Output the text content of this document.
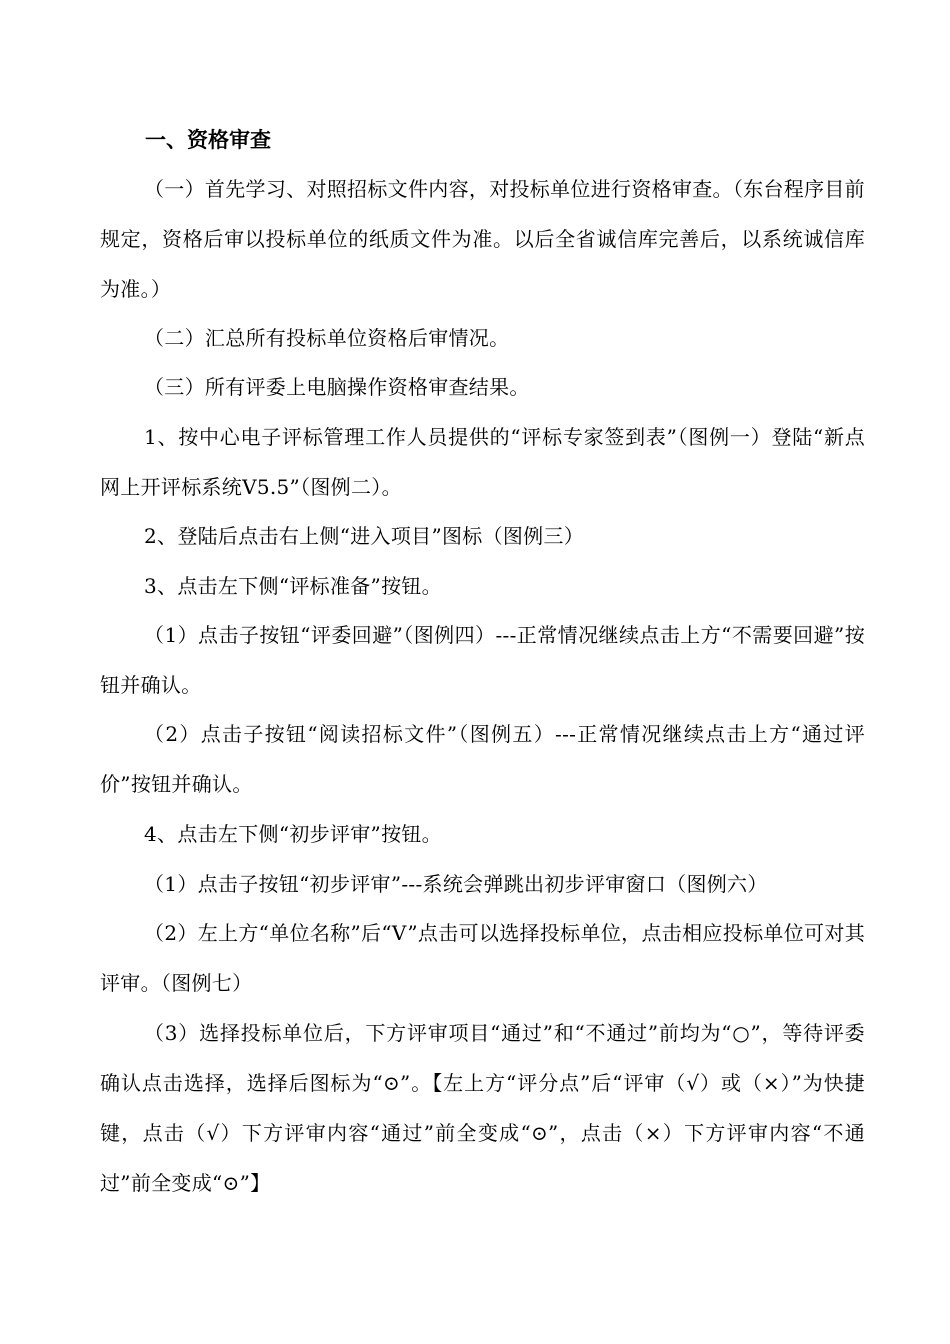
一、资格审查
（一）首先学习、对照招标文件内容，对投标单位进行资格审查。（东台程序目前规定，资格后审以投标单位的纸质文件为准。以后全省诚信库完善后，以系统诚信库为准。）
（二）汇总所有投标单位资格后审情况。
（三）所有评委上电脑操作资格审查结果。
1、按中心电子评标管理工作人员提供的“评标专家签到表”（图例一）登陆“新点网上开评标系统V5.5”（图例二）。
2、登陆后点击右上侧“进入项目”图标（图例三）
3、点击左下侧“评标准备”按钮。
（1）点击子按钮“评委回避”（图例四）---正常情况继续点击上方“不需要回避”按钮并确认。
（2）点击子按钮“阅读招标文件”（图例五）---正常情况继续点击上方“通过评价”按钮并确认。
4、点击左下侧“初步评审”按钮。
（1）点击子按钮“初步评审”---系统会弹跳出初步评审窗口（图例六）
（2）左上方“单位名称”后“V”点击可以选择投标单位，点击相应投标单位可对其评审。（图例七）
（3）选择投标单位后，下方评审项目“通过”和“不通过”前均为“○”，等待评委确认点击选择，选择后图标为“⊙”。【左上方“评分点”后“评审（√）或（×）”为快捷键，点击（√）下方评审内容“通过”前全变成“⊙”，点击（×）下方评审内容“不通过”前全变成“⊙”】
